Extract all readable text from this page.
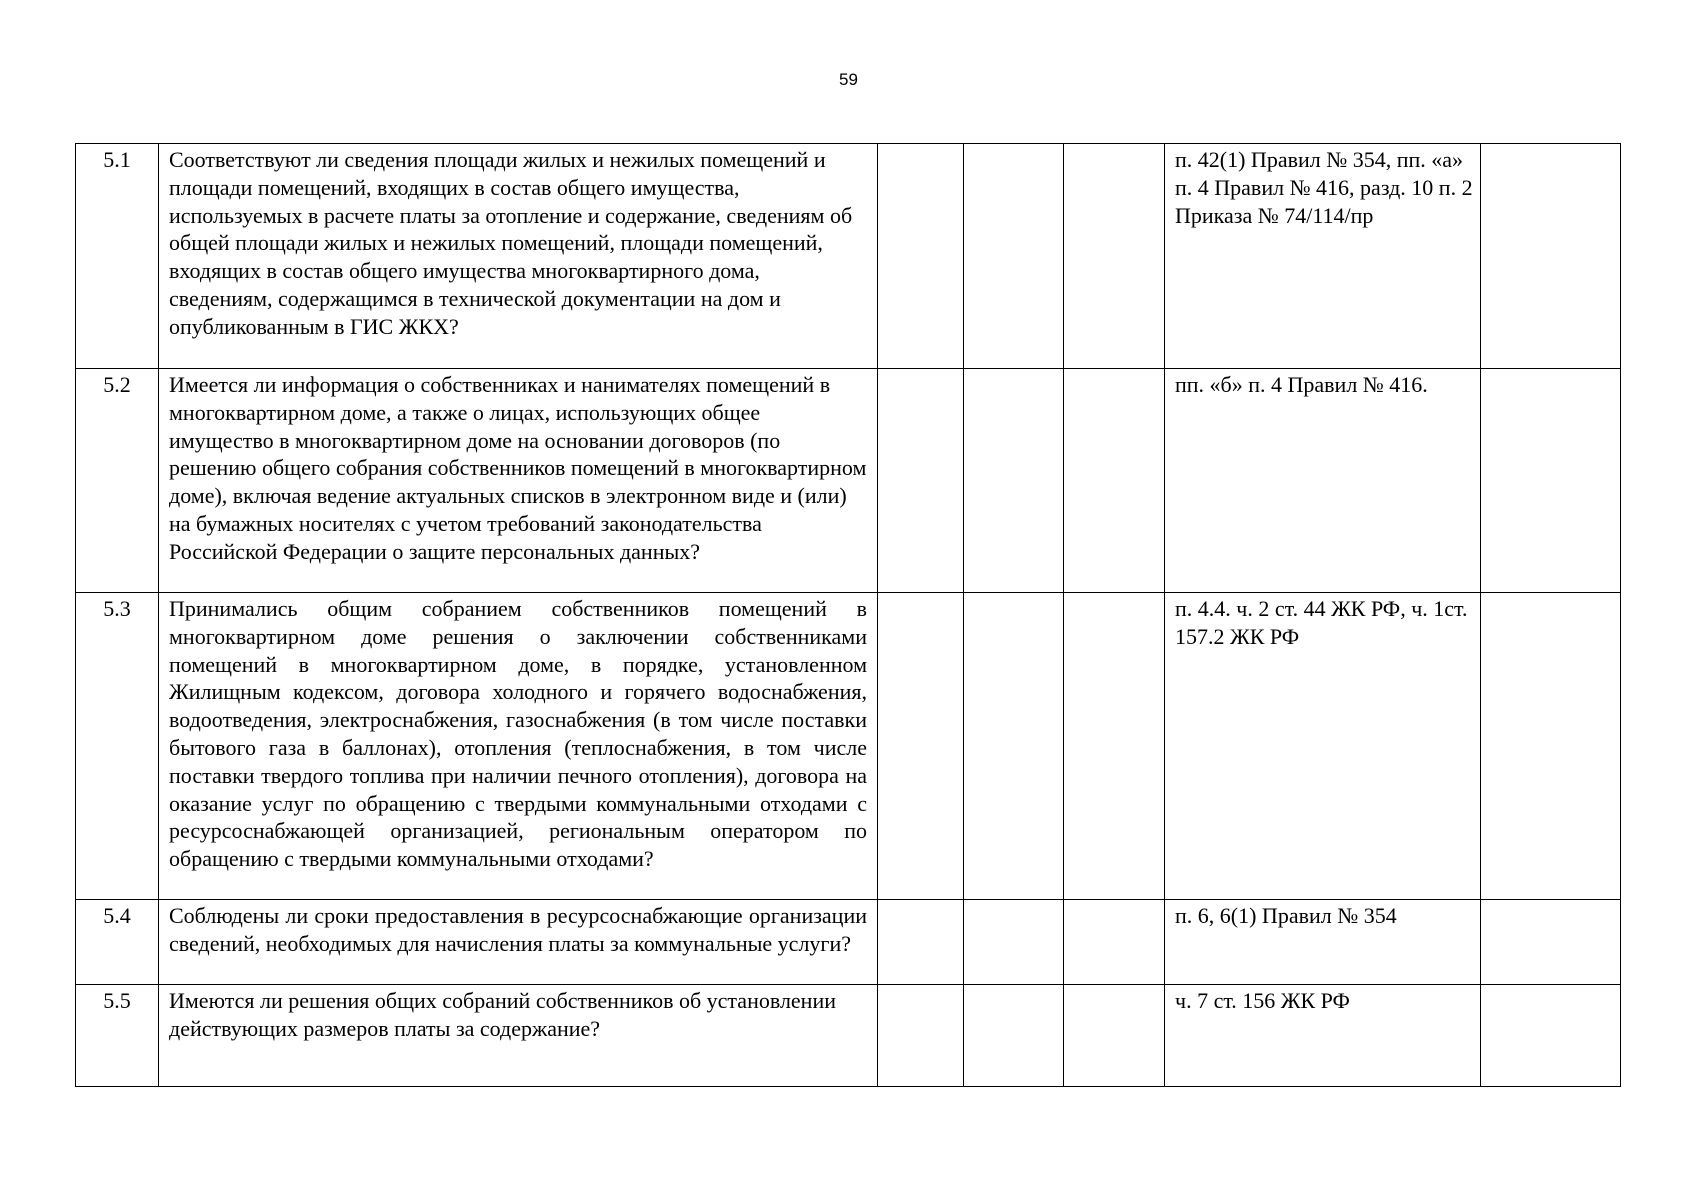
59
5.1	Соответствуют ли сведения площади жилых и нежилых помещений и площади помещений, входящих в состав общего имущества, используемых в расчете платы за отопление и содержание, сведениям об общей площади жилых и нежилых помещений, площади помещений, входящих в состав общего имущества многоквартирного дома, сведениям, содержащимся в технической документации на дом и опубликованным в ГИС ЖКХ?				п. 42(1) Правил № 354, пп. «а» п. 4 Правил № 416, разд. 10 п. 2 Приказа № 74/114/пр	
5.2	Имеется ли информация о собственниках и нанимателях помещений в многоквартирном доме, а также о лицах, использующих общее имущество в многоквартирном доме на основании договоров (по решению общего собрания собственников помещений в многоквартирном доме), включая ведение актуальных списков в электронном виде и (или) на бумажных носителях с учетом требований законодательства Российской Федерации о защите персональных данных?				пп. «б» п. 4 Правил № 416.	
5.3	Принимались общим собранием собственников помещений в многоквартирном доме решения о заключении собственниками помещений в многоквартирном доме, в порядке, установленном Жилищным кодексом, договора холодного и горячего водоснабжения, водоотведения, электроснабжения, газоснабжения (в том числе поставки бытового газа в баллонах), отопления (теплоснабжения, в том числе поставки твердого топлива при наличии печного отопления), договора на оказание услуг по обращению с твердыми коммунальными отходами с ресурсоснабжающей организацией, региональным оператором по обращению с твердыми коммунальными отходами?				п. 4.4. ч. 2 ст. 44 ЖК РФ, ч. 1ст. 157.2 ЖК РФ	
5.4	Соблюдены ли сроки предоставления в ресурсоснабжающие организации сведений, необходимых для начисления платы за коммунальные услуги?				п. 6, 6(1) Правил № 354	
5.5	Имеются ли решения общих собраний собственников об установлении действующих размеров платы за содержание?				ч. 7 ст. 156 ЖК РФ	
